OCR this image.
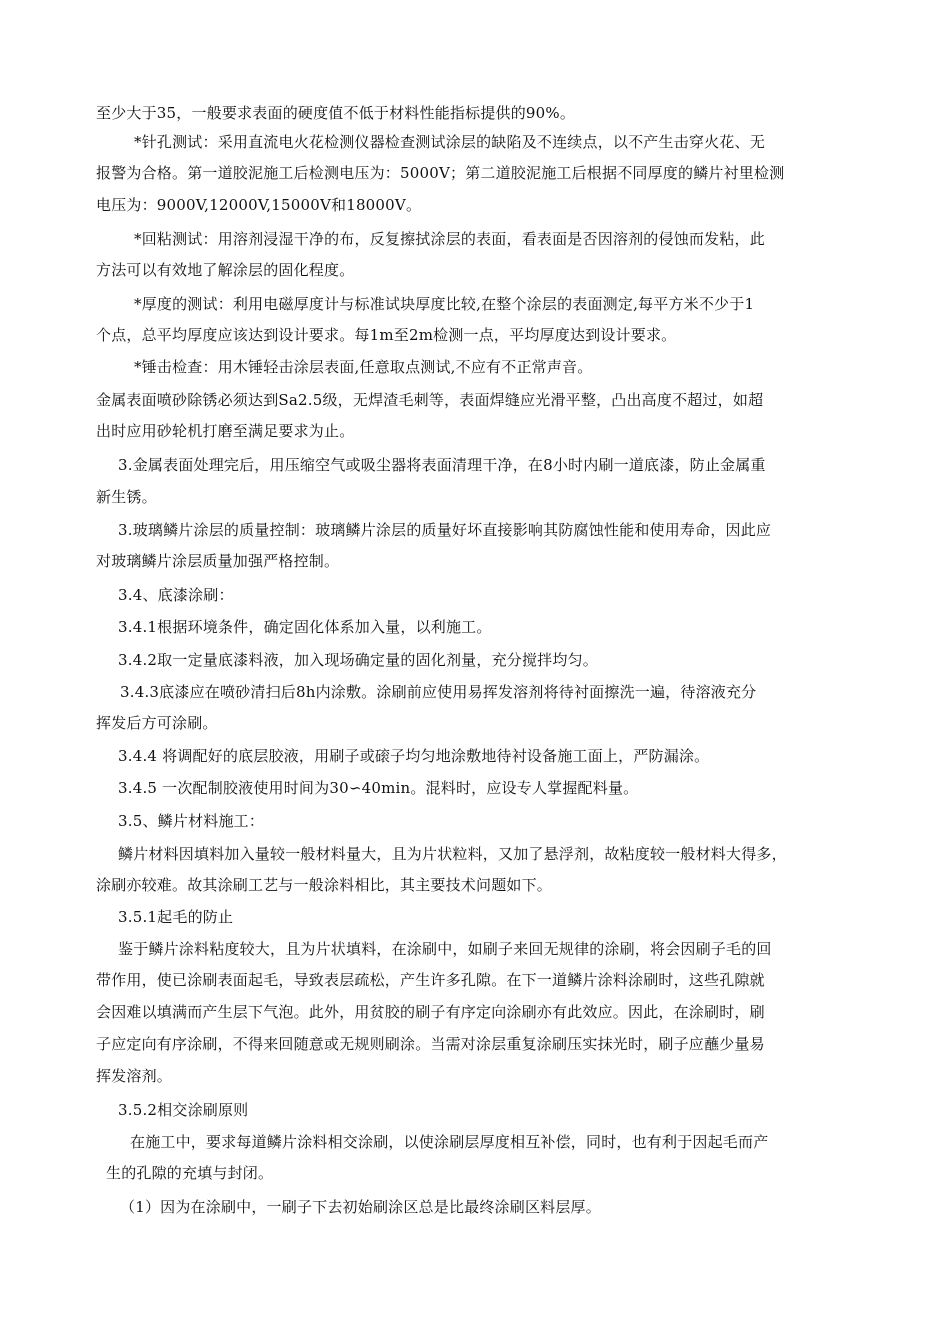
至少大于35，一般要求表面的硬度值不低于材料性能指标提供的90%。
*针孔测试：采用直流电火花检测仪器检查测试涂层的缺陷及不连续点，以不产生击穿火花、无
报警为合格。第一道胶泥施工后检测电压为：5000V；第二道胶泥施工后根据不同厚度的鳞片衬里检测
电压为：9000V,12000V,15000V和18000V。
*回粘测试：用溶剂浸湿干净的布，反复擦拭涂层的表面，看表面是否因溶剂的侵蚀而发粘，此
方法可以有效地了解涂层的固化程度。
*厚度的测试：利用电磁厚度计与标准试块厚度比较,在整个涂层的表面测定,每平方米不少于1
个点，总平均厚度应该达到设计要求。每1m至2m检测一点，平均厚度达到设计要求。
*锤击检查：用木锤轻击涂层表面,任意取点测试,不应有不正常声音。
金属表面喷砂除锈必须达到Sa2.5级，无焊渣毛刺等，表面焊缝应光滑平整，凸出高度不超过，如超
出时应用砂轮机打磨至满足要求为止。
3.金属表面处理完后，用压缩空气或吸尘器将表面清理干净，在8小时内刷一道底漆，防止金属重
新生锈。
3.玻璃鳞片涂层的质量控制：玻璃鳞片涂层的质量好坏直接影响其防腐蚀性能和使用寿命，因此应
对玻璃鳞片涂层质量加强严格控制。
3.4、底漆涂刷：
3.4.1根据环境条件，确定固化体系加入量，以利施工。
3.4.2取一定量底漆料液，加入现场确定量的固化剂量，充分搅拌均匀。
3.4.3底漆应在喷砂清扫后8h内涂敷。涂刷前应使用易挥发溶剂将待衬面擦洗一遍，待溶液充分
挥发后方可涂刷。
3.4.4 将调配好的底层胶液，用刷子或磙子均匀地涂敷地待衬设备施工面上，严防漏涂。
3.4.5 一次配制胶液使用时间为30∽40min。混料时，应设专人掌握配料量。
3.5、鳞片材料施工：
鳞片材料因填料加入量较一般材料量大，且为片状粒料，又加了悬浮剂，故粘度较一般材料大得多，
涂刷亦较难。故其涂刷工艺与一般涂料相比，其主要技术问题如下。
3.5.1起毛的防止
鉴于鳞片涂料粘度较大，且为片状填料，在涂刷中，如刷子来回无规律的涂刷，将会因刷子毛的回
带作用，使已涂刷表面起毛，导致表层疏松，产生许多孔隙。在下一道鳞片涂料涂刷时，这些孔隙就
会因难以填满而产生层下气泡。此外，用贫胶的刷子有序定向涂刷亦有此效应。因此，在涂刷时，刷
子应定向有序涂刷，不得来回随意或无规则刷涂。当需对涂层重复涂刷压实抹光时，刷子应蘸少量易
挥发溶剂。
3.5.2相交涂刷原则
在施工中，要求每道鳞片涂料相交涂刷，以使涂刷层厚度相互补偿，同时，也有利于因起毛而产
生的孔隙的充填与封闭。
（1）因为在涂刷中，一刷子下去初始刷涂区总是比最终涂刷区料层厚。
